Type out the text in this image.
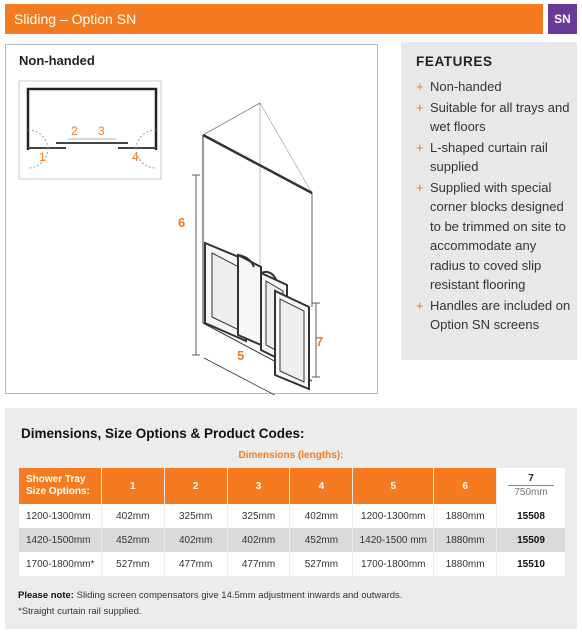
Sliding – Option SN	SN
Non-handed
1
2 3
4
6
5
7
FEATURES
+ Non-handed
+ Suitable for all trays and wet floors
+ L-shaped curtain rail supplied
+ Supplied with special corner blocks designed to be trimmed on site to accommodate any radius to coved slip resistant flooring
+ Handles are included on Option SN screens
Dimensions, Size Options & Product Codes:
Dimensions (lengths):
Shower Tray Size Options:	1	2	3	4	5	6	7
750mm

1200-1300mm	402mm	325mm	325mm	402mm	1200-1300mm	1880mm	15508
1420-1500mm	452mm	402mm	402mm	452mm	1420-1500 mm	1880mm	15509
1700-1800mm*	527mm	477mm	477mm	527mm	1700-1800mm	1880mm	15510
Please note: Sliding screen compensators give 14.5mm adjustment inwards and outwards.
*Straight curtain rail supplied.
